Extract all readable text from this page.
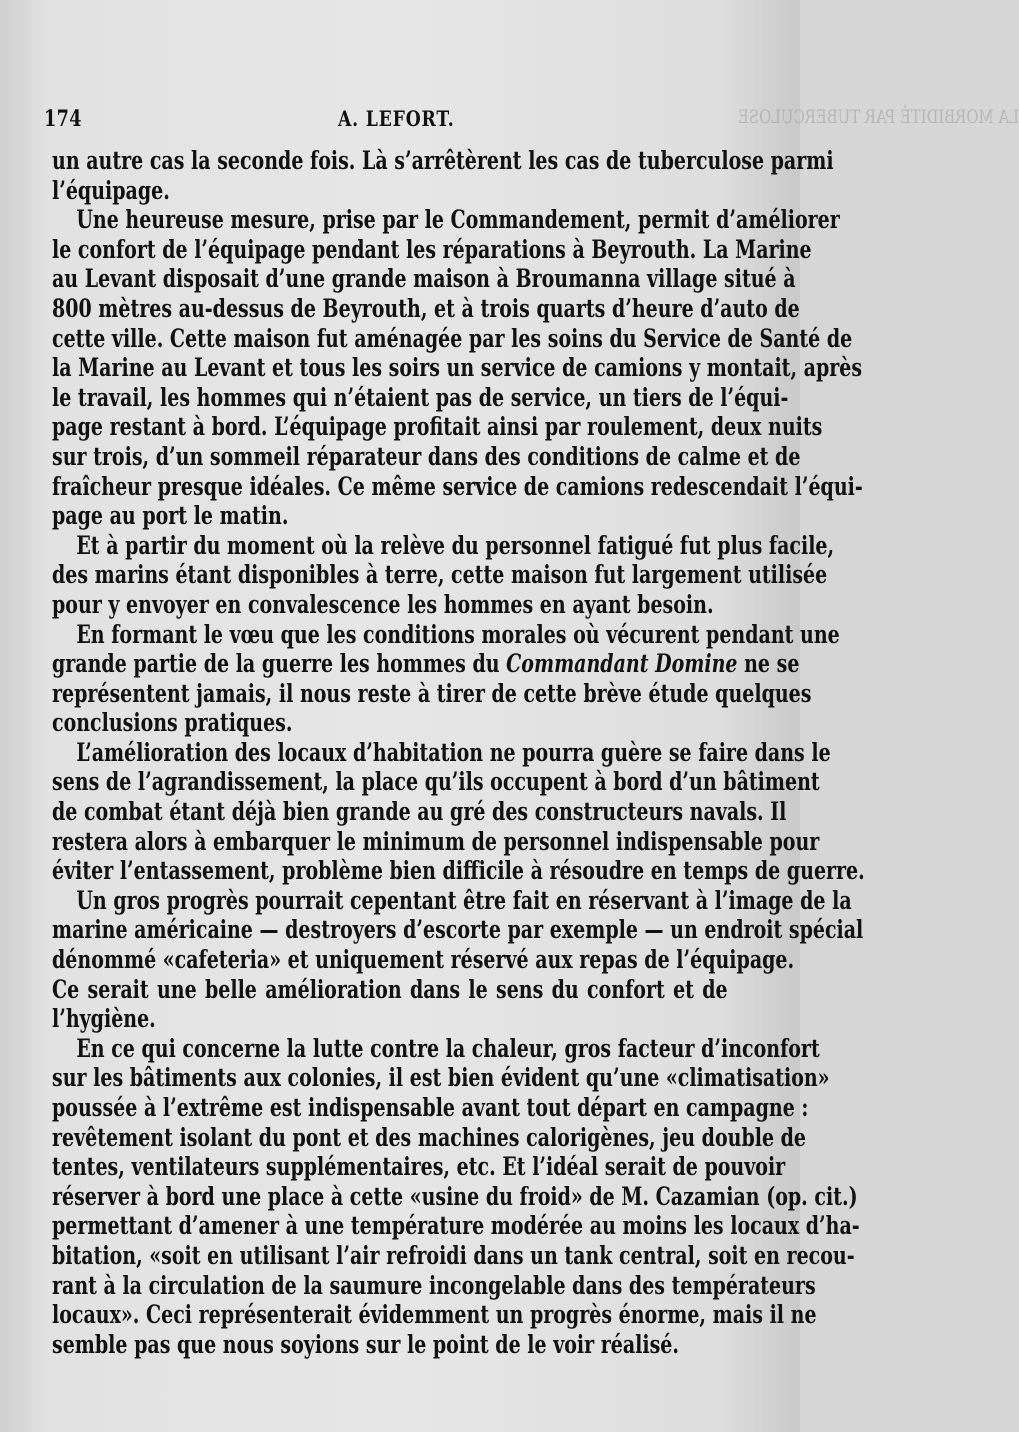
174	A. LEFORT.	LA MORBIDITÉ PAR TUBERCULOSE
un autre cas la seconde fois. Là s’arrêtèrent les cas de tuberculose parmi
l’équipage.
Une heureuse mesure, prise par le Commandement, permit d’améliorer
le confort de l’équipage pendant les réparations à Beyrouth. La Marine
au Levant disposait d’une grande maison à Broumanna village situé à
800 mètres au-dessus de Beyrouth, et à trois quarts d’heure d’auto de
cette ville. Cette maison fut aménagée par les soins du Service de Santé de
la Marine au Levant et tous les soirs un service de camions y montait, après
le travail, les hommes qui n’étaient pas de service, un tiers de l’équi-
page restant à bord. L’équipage profitait ainsi par roulement, deux nuits
sur trois, d’un sommeil réparateur dans des conditions de calme et de
fraîcheur presque idéales. Ce même service de camions redescendait l’équi-
page au port le matin.
Et à partir du moment où la relève du personnel fatigué fut plus facile,
des marins étant disponibles à terre, cette maison fut largement utilisée
pour y envoyer en convalescence les hommes en ayant besoin.
En formant le vœu que les conditions morales où vécurent pendant une
grande partie de la guerre les hommes du Commandant Domine ne se
représentent jamais, il nous reste à tirer de cette brève étude quelques
conclusions pratiques.
L’amélioration des locaux d’habitation ne pourra guère se faire dans le
sens de l’agrandissement, la place qu’ils occupent à bord d’un bâtiment
de combat étant déjà bien grande au gré des constructeurs navals. Il
restera alors à embarquer le minimum de personnel indispensable pour
éviter l’entassement, problème bien difficile à résoudre en temps de guerre.
Un gros progrès pourrait cepentant être fait en réservant à l’image de la
marine américaine — destroyers d’escorte par exemple — un endroit spécial
dénommé «cafeteria» et uniquement réservé aux repas de l’équipage.
Ce serait une belle amélioration dans le sens du confort et de
l’hygiène.
En ce qui concerne la lutte contre la chaleur, gros facteur d’inconfort
sur les bâtiments aux colonies, il est bien évident qu’une «climatisation»
poussée à l’extrême est indispensable avant tout départ en campagne :
revêtement isolant du pont et des machines calorigènes, jeu double de
tentes, ventilateurs supplémentaires, etc. Et l’idéal serait de pouvoir
réserver à bord une place à cette «usine du froid» de M. Cazamian (op. cit.)
permettant d’amener à une température modérée au moins les locaux d’ha-
bitation, «soit en utilisant l’air refroidi dans un tank central, soit en recou-
rant à la circulation de la saumure incongelable dans des températeurs
locaux». Ceci représenterait évidemment un progrès énorme, mais il ne
semble pas que nous soyions sur le point de le voir réalisé.
